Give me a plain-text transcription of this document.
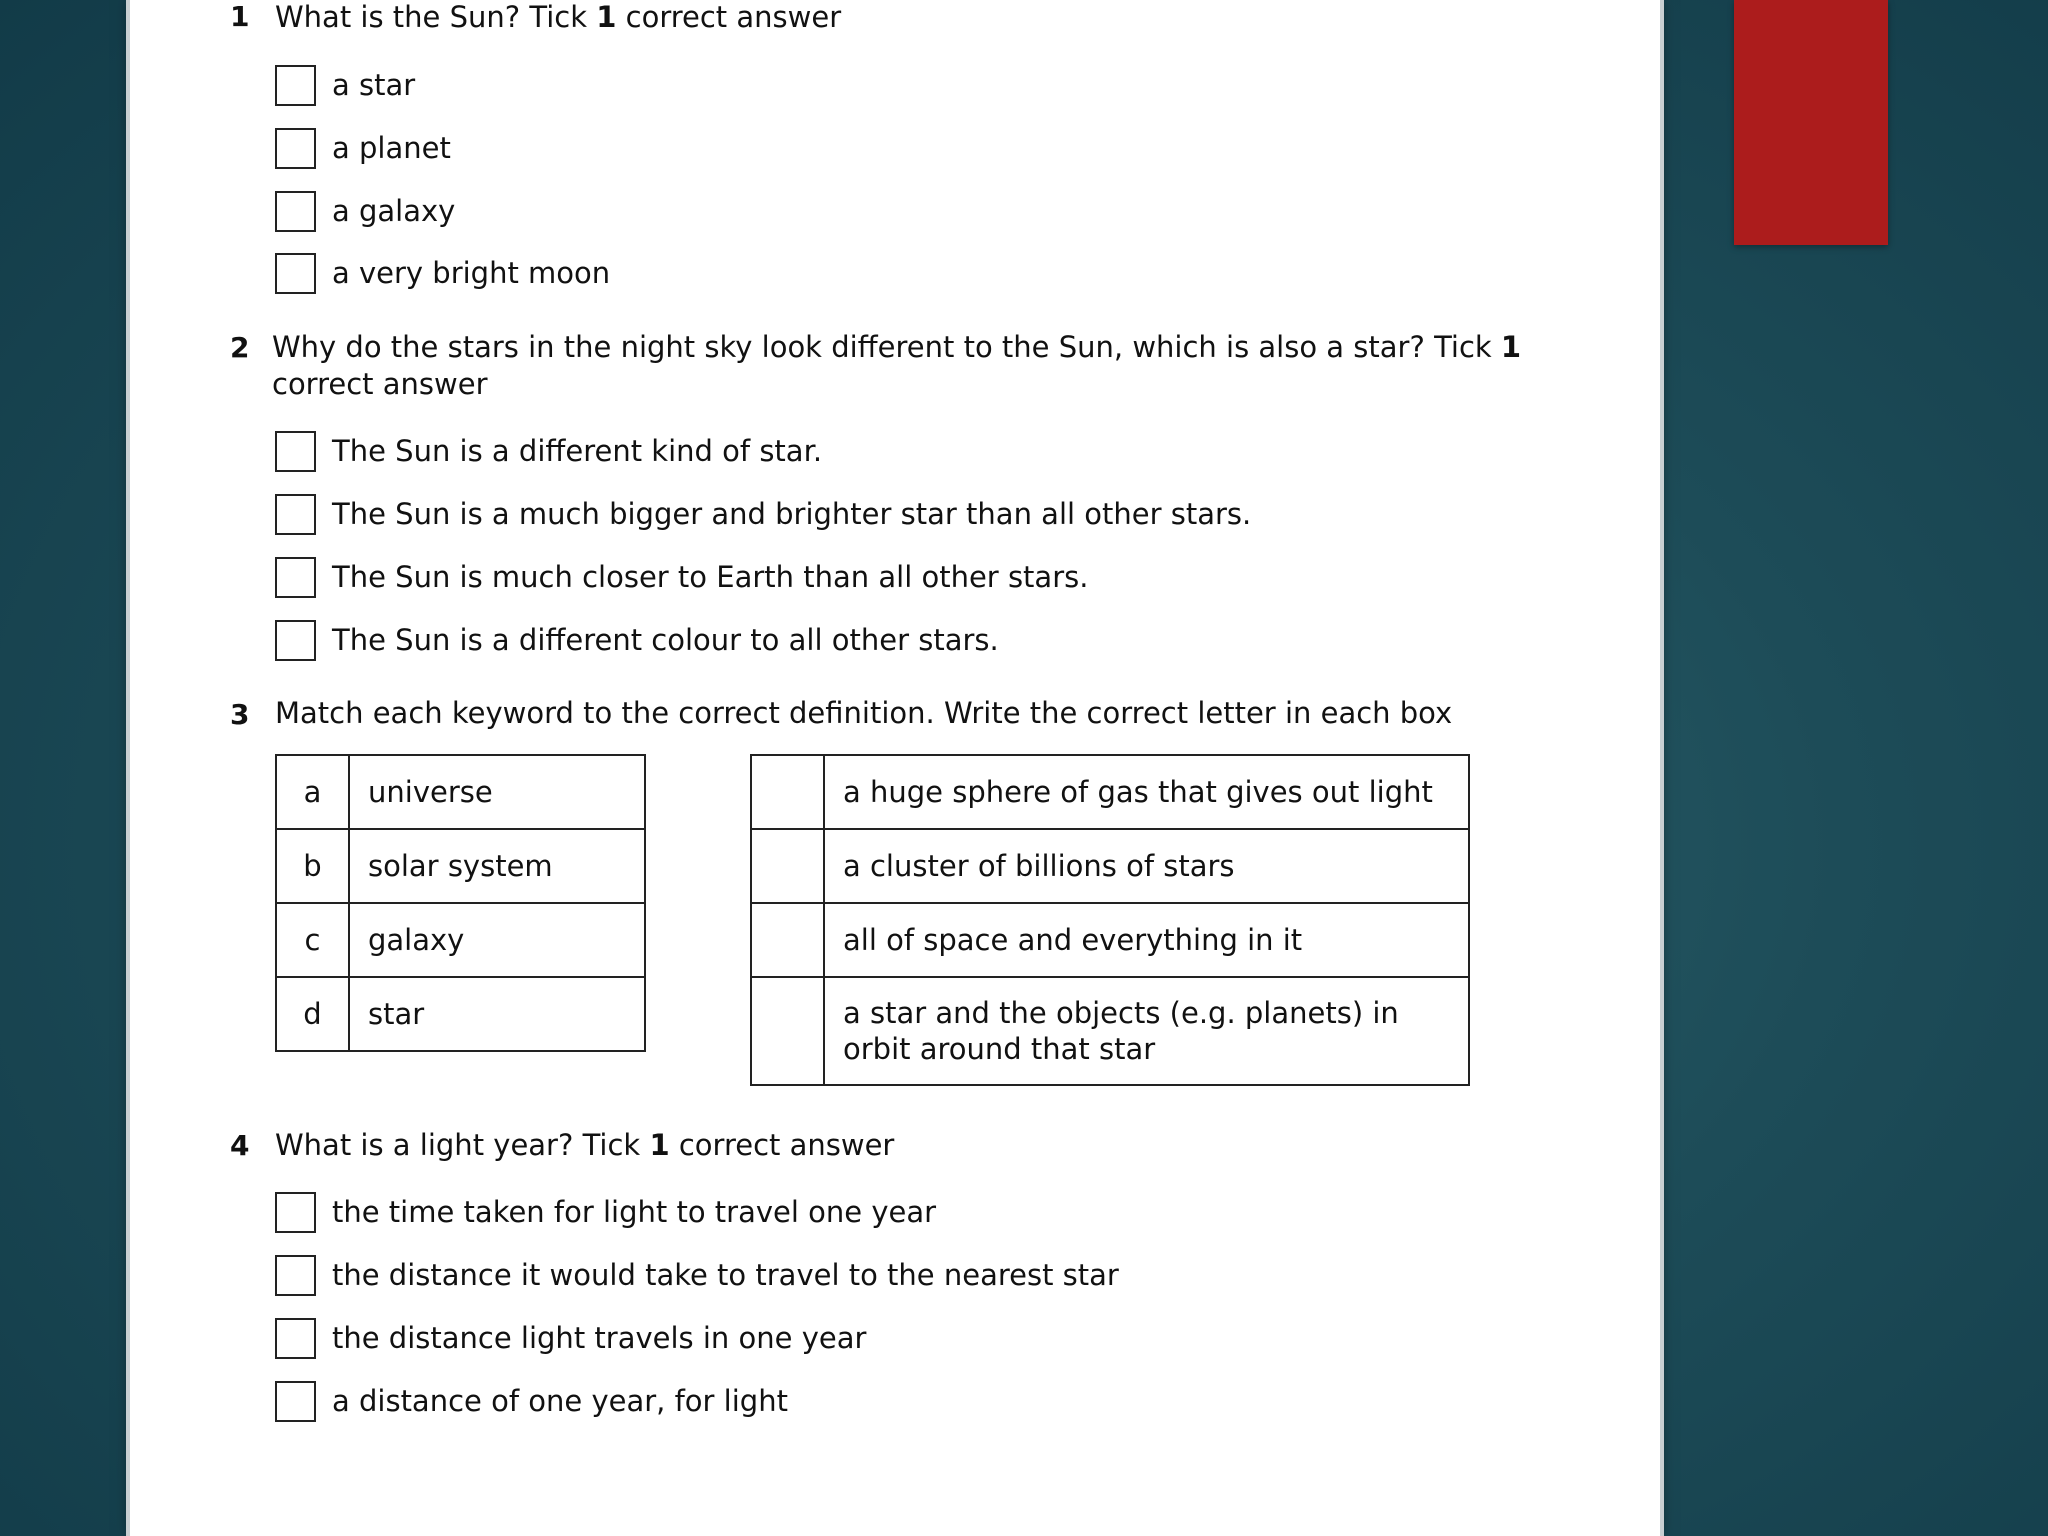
1 What is the Sun? Tick 1 correct answer
a star
a planet
a galaxy
a very bright moon
2 Why do the stars in the night sky look different to the Sun, which is also a star? Tick 1
correct answer
The Sun is a different kind of star.
The Sun is a much bigger and brighter star than all other stars.
The Sun is much closer to Earth than all other stars.
The Sun is a different colour to all other stars.
3 Match each keyword to the correct definition. Write the correct letter in each box
a	universe
b	solar system
c	galaxy
d	star
	a huge sphere of gas that gives out light
	a cluster of billions of stars
	all of space and everything in it
	a star and the objects (e.g. planets) in orbit around that star
4 What is a light year? Tick 1 correct answer
the time taken for light to travel one year
the distance it would take to travel to the nearest star
the distance light travels in one year
a distance of one year, for light
